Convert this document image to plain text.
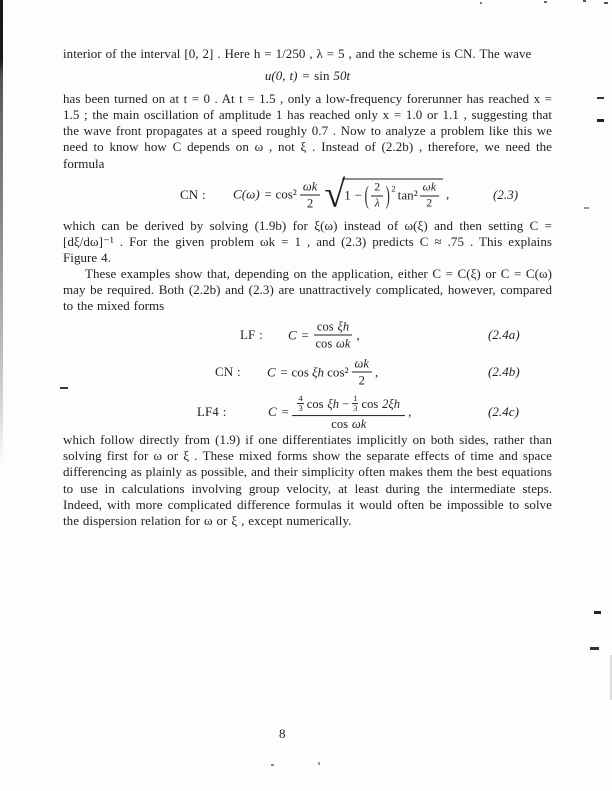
interior of the interval [0, 2] . Here h = 1/250 , λ = 5 , and the scheme is CN. The wave

u(0, t) = sin 50t

has been turned on at t = 0 . At t = 1.5 , only a low-frequency forerunner has reached x = 1.5 ; the main oscillation of amplitude 1 has reached only x = 1.0 or 1.1 , suggesting that the wave front propagates at a speed roughly 0.7 . Now to analyze a problem like this we need to know how C depends on ω , not ξ . Instead of (2.2b) , therefore, we need the formula

CN : $C(\omega) = \cos^2 \frac{\omega k}{2}$ √ 1 − ( $\frac{2}{\lambda}$ ) 2 $\tan^2 \frac{\omega k}{2}$ ,	(2.3)

which can be derived by solving (1.9b) for ξ(ω) instead of ω(ξ) and then setting C = [dξ/dω]⁻¹ . For the given problem ωk = 1 , and (2.3) predicts C ≈ .75 . This explains Figure 4.

These examples show that, depending on the application, either C = C(ξ) or C = C(ω) may be required. Both (2.2b) and (2.3) are unattractively complicated, however, compared to the mixed forms

LF : $C = \frac{\text{cos ξh}}{\text{cos ωk}}$ ,	(2.4a)
CN : C = cos ξh $\cos^2 \frac{\omega k}{2}$ ,	(2.4b)
LF4 :	$C = \frac{4}{3}$ $\cos \xi h - \frac{1}{3}$ cos 2ξh
cos ωk
,	(2.4c)

which follow directly from (1.9) if one differentiates implicitly on both sides, rather than solving first for ω or ξ . These mixed forms show the separate effects of time and space differencing as plainly as possible, and their simplicity often makes them the best equations to use in calculations involving group velocity, at least during the intermediate steps. Indeed, with more complicated difference formulas it would often be impossible to solve the dispersion relation for ω or ξ , except numerically.

8
